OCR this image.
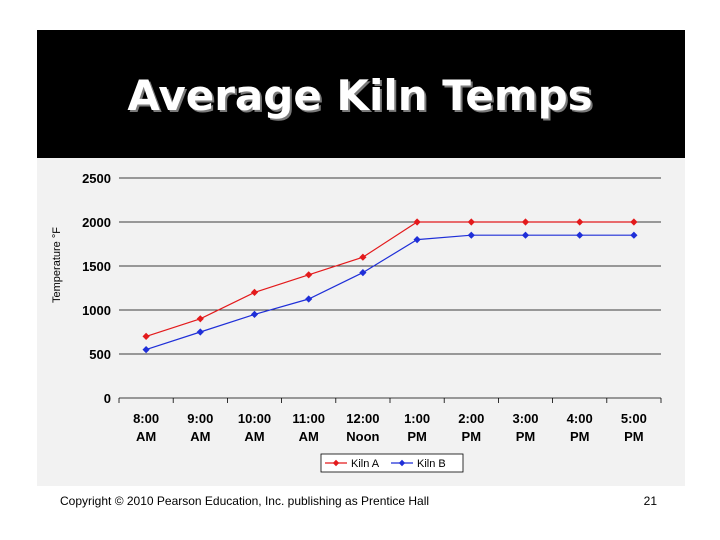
Average Kiln Temps
0
500
1000
1500
2000
2500
8:00 AM
9:00 AM
10:00 AM
11:00 AM
12:00 Noon
1:00 PM
2:00 PM
3:00 PM
4:00 PM
5:00 PM
Temperature °F
Kiln A	Kiln B
Copyright © 2010 Pearson Education, Inc. publishing as Prentice Hall	21
